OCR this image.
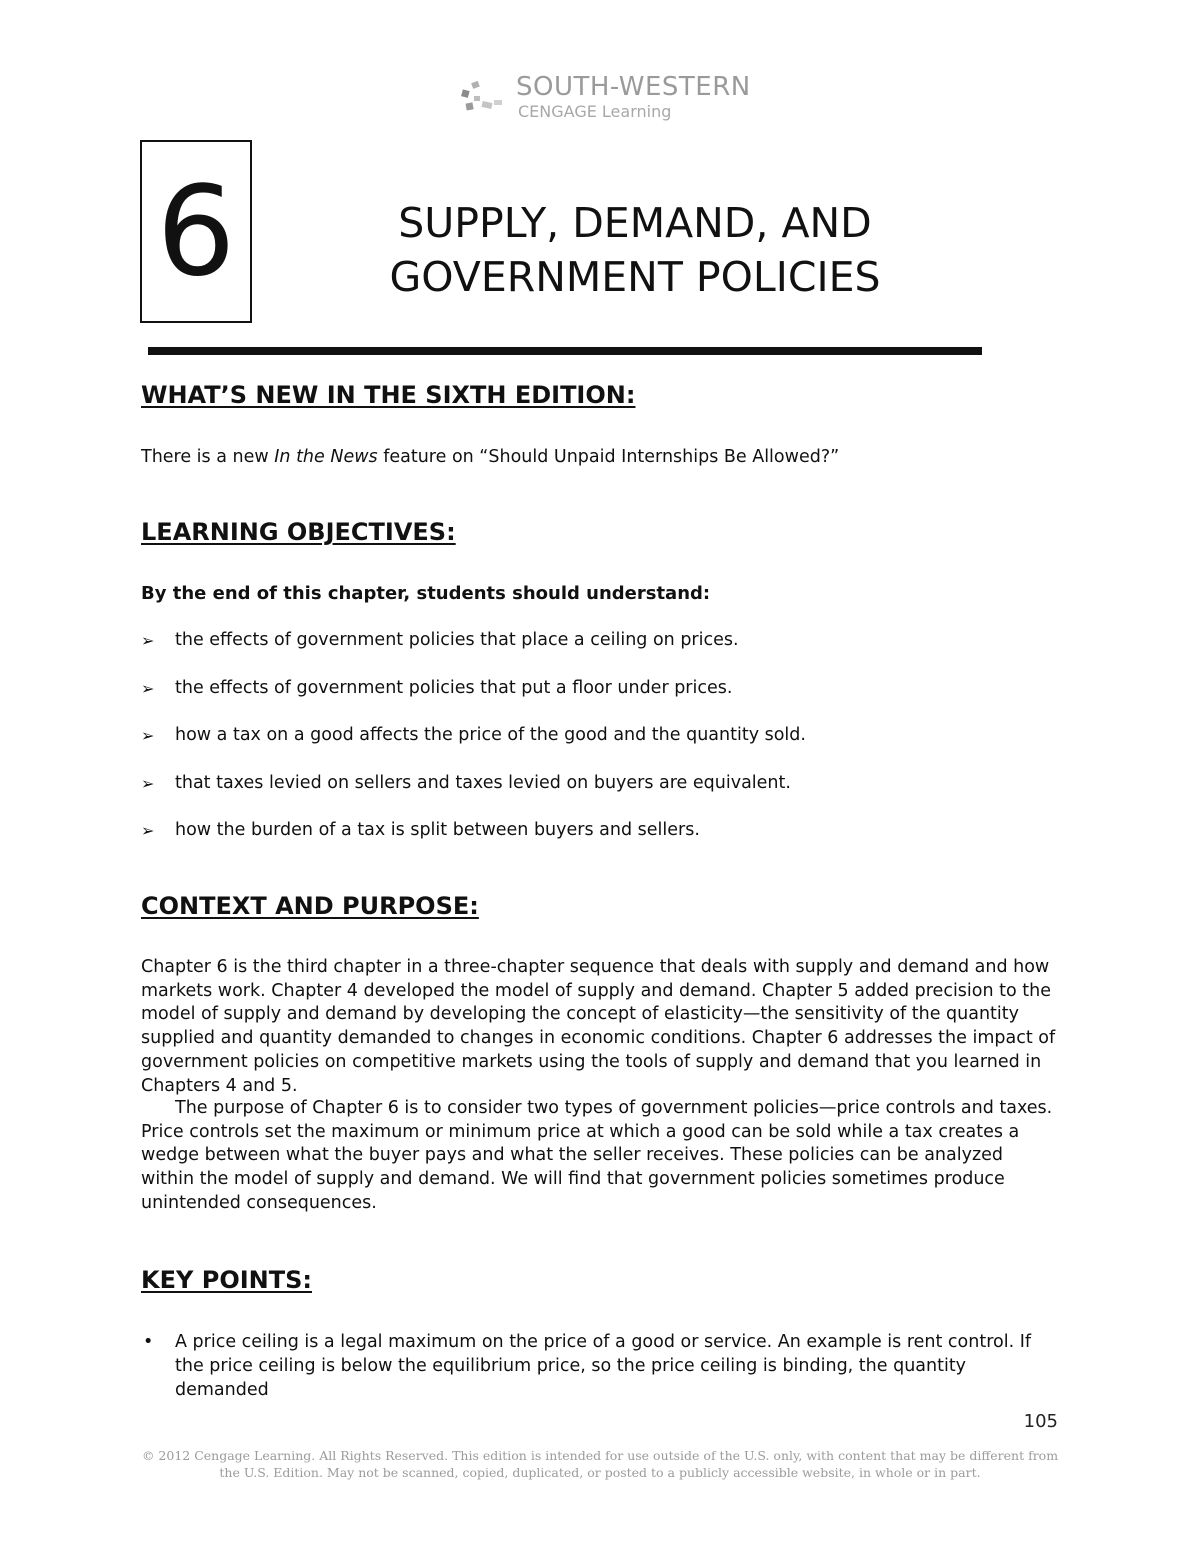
SOUTH-WESTERN
CENGAGE Learning
6	SUPPLY, DEMAND, AND
GOVERNMENT POLICIES
WHAT’S NEW IN THE SIXTH EDITION:
There is a new In the News feature on “Should Unpaid Internships Be Allowed?”
LEARNING OBJECTIVES:
By the end of this chapter, students should understand:
➢ the effects of government policies that place a ceiling on prices.
➢ the effects of government policies that put a floor under prices.
➢ how a tax on a good affects the price of the good and the quantity sold.
➢ that taxes levied on sellers and taxes levied on buyers are equivalent.
➢ how the burden of a tax is split between buyers and sellers.
CONTEXT AND PURPOSE:
Chapter 6 is the third chapter in a three-chapter sequence that deals with supply and demand and how markets work. Chapter 4 developed the model of supply and demand. Chapter 5 added precision to the model of supply and demand by developing the concept of elasticity—the sensitivity of the quantity supplied and quantity demanded to changes in economic conditions. Chapter 6 addresses the impact of government policies on competitive markets using the tools of supply and demand that you learned in Chapters 4 and 5.
The purpose of Chapter 6 is to consider two types of government policies—price controls and taxes. Price controls set the maximum or minimum price at which a good can be sold while a tax creates a wedge between what the buyer pays and what the seller receives. These policies can be analyzed within the model of supply and demand. We will find that government policies sometimes produce unintended consequences.
KEY POINTS:
• A price ceiling is a legal maximum on the price of a good or service. An example is rent control. If the price ceiling is below the equilibrium price, so the price ceiling is binding, the quantity demanded
105
© 2012 Cengage Learning. All Rights Reserved. This edition is intended for use outside of the U.S. only, with content that may be different from the U.S. Edition. May not be scanned, copied, duplicated, or posted to a publicly accessible website, in whole or in part.
